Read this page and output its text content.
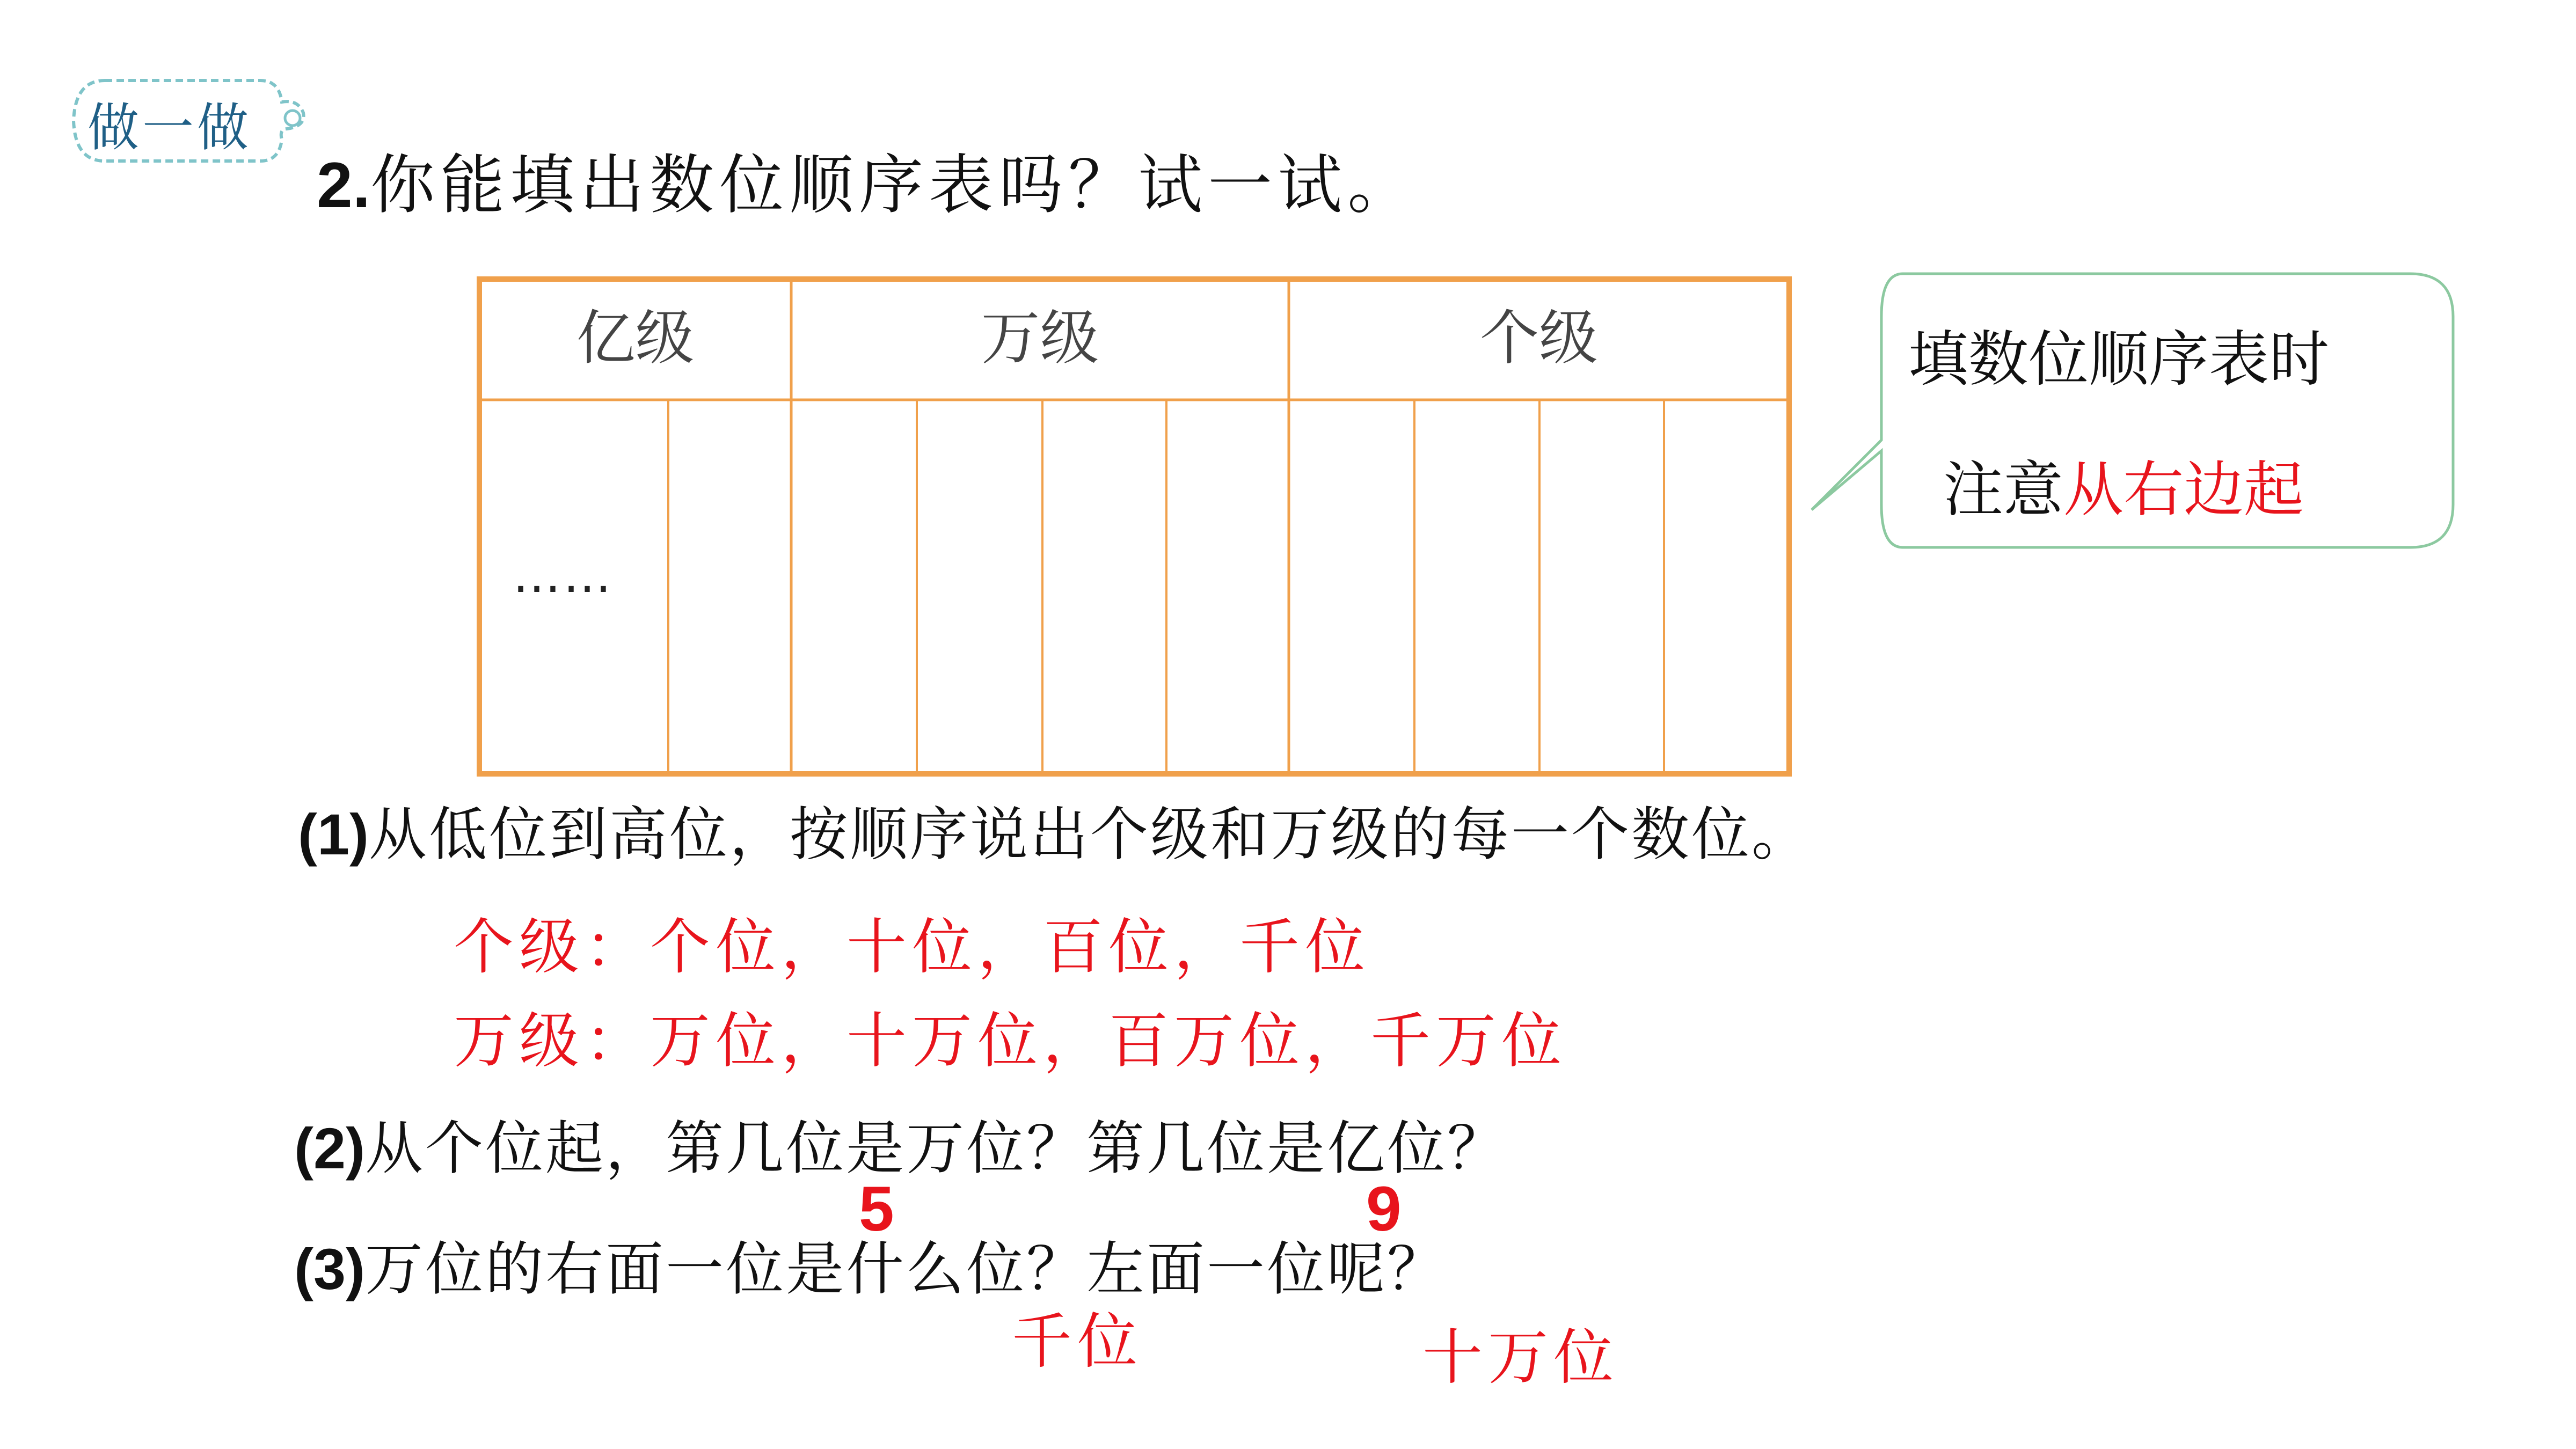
做一做
2.你能填出数位顺序表吗？试一试。
亿级	万级	个级
……
填数位顺序表时
注意从右边起
(1)从低位到高位，按顺序说出个级和万级的每一个数位。
个级：个位，十位，百位，千位
万级：万位，十万位，百万位，千万位
(2)从个位起，第几位是万位？第几位是亿位？
5	9
(3)万位的右面一位是什么位？左面一位呢？
千位	十万位
